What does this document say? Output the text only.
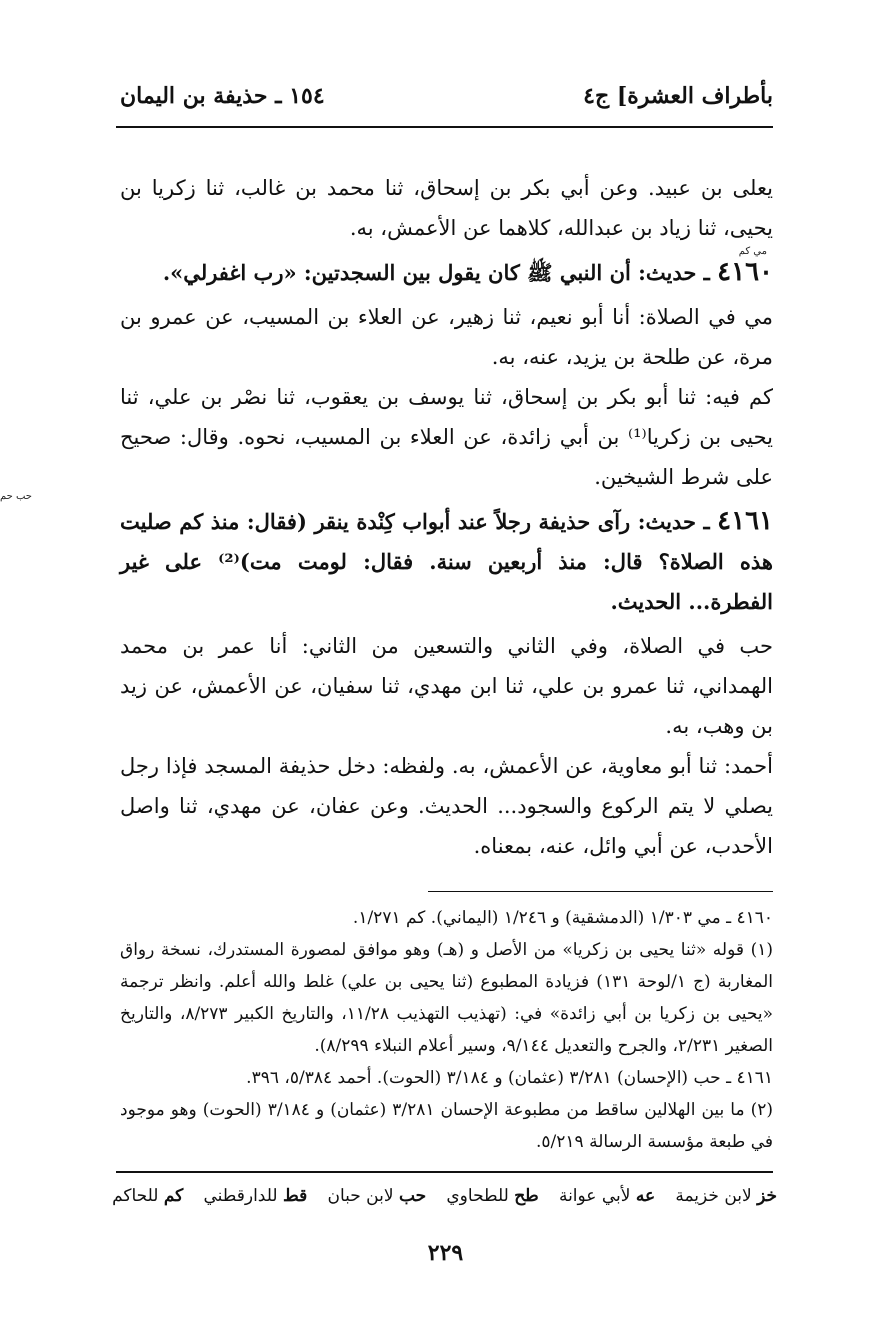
بأطراف العشرة] ج٤
١٥٤ ـ حذيفة بن اليمان

يعلى بن عبيد. وعن أبي بكر بن إسحاق، ثنا محمد بن غالب، ثنا زكريا بن يحيى، ثنا زياد بن عبدالله، كلاهما عن الأعمش، به.

٤١٦٠ ـ حديث: أن النبي ﷺ كان يقول بين السجدتين: «رب اغفرلي».

مي كم

مي في الصلاة: أنا أبو نعيم، ثنا زهير، عن العلاء بن المسيب، عن عمرو بن مرة، عن طلحة بن يزيد، عنه، به.

كم فيه: ثنا أبو بكر بن إسحاق، ثنا يوسف بن يعقوب، ثنا نصْر بن علي، ثنا يحيى بن زكريا⁽¹⁾ بن أبي زائدة، عن العلاء بن المسيب، نحوه. وقال: صحيح على شرط الشيخين.

٤١٦١ ـ حديث: رآى حذيفة رجلاً عند أبواب كِنْدة ينقر (فقال: منذ كم صليت هذه الصلاة؟ قال: منذ أربعين سنة. فقال: لومت مت)⁽²⁾ على غير الفطرة... الحديث.

حب حم

حب في الصلاة، وفي الثاني والتسعين من الثاني: أنا عمر بن محمد الهمداني، ثنا عمرو بن علي، ثنا ابن مهدي، ثنا سفيان، عن الأعمش، عن زيد بن وهب، به.

أحمد: ثنا أبو معاوية، عن الأعمش، به. ولفظه: دخل حذيفة المسجد فإذا رجل يصلي لا يتم الركوع والسجود... الحديث. وعن عفان، عن مهدي، ثنا واصل الأحدب، عن أبي وائل، عنه، بمعناه.

٤١٦٠ ـ مي ١/٣٠٣ (الدمشقية) و ١/٢٤٦ (اليماني). كم ١/٢٧١.

(١) قوله «ثنا يحيى بن زكريا» من الأصل و (هـ) وهو موافق لمصورة المستدرك، نسخة رواق المغاربة (ج ١/لوحة ١٣١) فزيادة المطبوع (ثنا يحيى بن علي) غلط والله أعلم. وانظر ترجمة «يحيى بن زكريا بن أبي زائدة» في: (تهذيب التهذيب ١١/٢٨، والتاريخ الكبير ٨/٢٧٣، والتاريخ الصغير ٢/٢٣١، والجرح والتعديل ٩/١٤٤، وسير أعلام النبلاء ٨/٢٩٩).

٤١٦١ ـ حب (الإحسان) ٣/٢٨١ (عثمان) و ٣/١٨٤ (الحوت). أحمد ٥/٣٨٤، ٣٩٦.

(٢) ما بين الهلالين ساقط من مطبوعة الإحسان ٣/٢٨١ (عثمان) و ٣/١٨٤ (الحوت) وهو موجود في طبعة مؤسسة الرسالة ٥/٢١٩.

خز لابن خزيمة
عه لأبي عوانة
طح للطحاوي
حب لابن حبان
قط للدارقطني
كم للحاكم
٢٢٩
